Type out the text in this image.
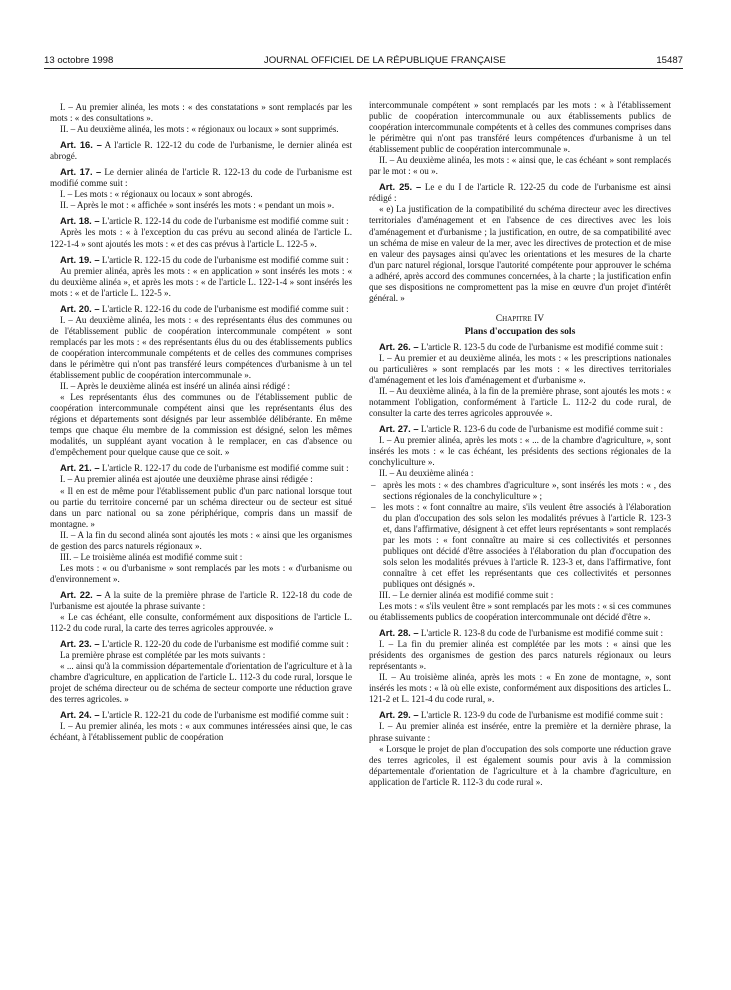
13 octobre 1998	JOURNAL OFFICIEL DE LA RÉPUBLIQUE FRANÇAISE	15487

I. – Au premier alinéa, les mots : « des constatations » sont remplacés par les mots : « des consultations ».

II. – Au deuxième alinéa, les mots : « régionaux ou locaux » sont supprimés.

Art. 16. – A l'article R. 122-12 du code de l'urbanisme, le dernier alinéa est abrogé.

Art. 17. – Le dernier alinéa de l'article R. 122-13 du code de l'urbanisme est modifié comme suit :

I. – Les mots : « régionaux ou locaux » sont abrogés.

II. – Après le mot : « affichée » sont insérés les mots : « pendant un mois ».

Art. 18. – L'article R. 122-14 du code de l'urbanisme est modifié comme suit :

Après les mots : « à l'exception du cas prévu au second alinéa de l'article L. 122-1-4 » sont ajoutés les mots : « et des cas prévus à l'article L. 122-5 ».

Art. 19. – L'article R. 122-15 du code de l'urbanisme est modifié comme suit :

Au premier alinéa, après les mots : « en application » sont insérés les mots : « du deuxième alinéa », et après les mots : « de l'article L. 122-1-4 » sont insérés les mots : « et de l'article L. 122-5 ».

Art. 20. – L'article R. 122-16 du code de l'urbanisme est modifié comme suit :

I. – Au deuxième alinéa, les mots : « des représentants élus des communes ou de l'établissement public de coopération intercommunale compétent » sont remplacés par les mots : « des représentants élus du ou des établissements publics de coopération intercommunale compétents et de celles des communes comprises dans le périmètre qui n'ont pas transféré leurs compétences d'urbanisme à un tel établissement public de coopération intercommunale ».

II. – Après le deuxième alinéa est inséré un alinéa ainsi rédigé :

« Les représentants élus des communes ou de l'établissement public de coopération intercommunale compétent ainsi que les représentants élus des régions et départements sont désignés par leur assemblée délibérante. En même temps que chaque élu membre de la commission est désigné, selon les mêmes modalités, un suppléant ayant vocation à le remplacer, en cas d'absence ou d'empêchement pour quelque cause que ce soit. »

Art. 21. – L'article R. 122-17 du code de l'urbanisme est modifié comme suit :

I. – Au premier alinéa est ajoutée une deuxième phrase ainsi rédigée :

« Il en est de même pour l'établissement public d'un parc national lorsque tout ou partie du territoire concerné par un schéma directeur ou de secteur est situé dans un parc national ou sa zone périphérique, compris dans un massif de montagne. »

II. – A la fin du second alinéa sont ajoutés les mots : « ainsi que les organismes de gestion des parcs naturels régionaux ».

III. – Le troisième alinéa est modifié comme suit :

Les mots : « ou d'urbanisme » sont remplacés par les mots : « d'urbanisme ou d'environnement ».

Art. 22. – A la suite de la première phrase de l'article R. 122-18 du code de l'urbanisme est ajoutée la phrase suivante :

« Le cas échéant, elle consulte, conformément aux dispositions de l'article L. 112-2 du code rural, la carte des terres agricoles approuvée. »

Art. 23. – L'article R. 122-20 du code de l'urbanisme est modifié comme suit :

La première phrase est complétée par les mots suivants :

« ... ainsi qu'à la commission départementale d'orientation de l'agriculture et à la chambre d'agriculture, en application de l'article L. 112-3 du code rural, lorsque le projet de schéma directeur ou de schéma de secteur comporte une réduction grave des terres agricoles. »

Art. 24. – L'article R. 122-21 du code de l'urbanisme est modifié comme suit :

I. – Au premier alinéa, les mots : « aux communes intéressées ainsi que, le cas échéant, à l'établissement public de coopération

intercommunale compétent » sont remplacés par les mots : « à l'établissement public de coopération intercommunale ou aux établissements publics de coopération intercommunale compétents et à celles des communes comprises dans le périmètre qui n'ont pas transféré leurs compétences d'urbanisme à un tel établissement public de coopération intercommunale ».

II. – Au deuxième alinéa, les mots : « ainsi que, le cas échéant » sont remplacés par le mot : « ou ».

Art. 25. – Le e du I de l'article R. 122-25 du code de l'urbanisme est ainsi rédigé :

« e) La justification de la compatibilité du schéma directeur avec les directives territoriales d'aménagement et en l'absence de ces directives avec les lois d'aménagement et d'urbanisme ; la justification, en outre, de sa compatibilité avec un schéma de mise en valeur de la mer, avec les directives de protection et de mise en valeur des paysages ainsi qu'avec les orientations et les mesures de la charte d'un parc naturel régional, lorsque l'autorité compétente pour approuver le schéma a adhéré, après accord des communes concernées, à la charte ; la justification enfin que ses dispositions ne compromettent pas la mise en œuvre d'un projet d'intérêt général. »

Chapitre IV
Plans d'occupation des sols

Art. 26. – L'article R. 123-5 du code de l'urbanisme est modifié comme suit :

I. – Au premier et au deuxième alinéa, les mots : « les prescriptions nationales ou particulières » sont remplacés par les mots : « les directives territoriales d'aménagement et les lois d'aménagement et d'urbanisme ».

II. – Au deuxième alinéa, à la fin de la première phrase, sont ajoutés les mots : « notamment l'obligation, conformément à l'article L. 112-2 du code rural, de consulter la carte des terres agricoles approuvée ».

Art. 27. – L'article R. 123-6 du code de l'urbanisme est modifié comme suit :

I. – Au premier alinéa, après les mots : « ... de la chambre d'agriculture, », sont insérés les mots : « le cas échéant, les présidents des sections régionales de la conchyliculture ».

II. – Au deuxième alinéa :

– après les mots : « des chambres d'agriculture », sont insérés les mots : « , des sections régionales de la conchyliculture » ;

– les mots : « font connaître au maire, s'ils veulent être associés à l'élaboration du plan d'occupation des sols selon les modalités prévues à l'article R. 123-3 et, dans l'affirmative, désignent à cet effet leurs représentants » sont remplacés par les mots : « font connaître au maire si ces collectivités et personnes publiques ont décidé d'être associées à l'élaboration du plan d'occupation des sols selon les modalités prévues à l'article R. 123-3 et, dans l'affirmative, font connaître à cet effet les représentants que ces collectivités et personnes publiques ont désignés ».

III. – Le dernier alinéa est modifié comme suit :

Les mots : « s'ils veulent être » sont remplacés par les mots : « si ces communes ou établissements publics de coopération intercommunale ont décidé d'être ».

Art. 28. – L'article R. 123-8 du code de l'urbanisme est modifié comme suit :

I. – La fin du premier alinéa est complétée par les mots : « ainsi que les présidents des organismes de gestion des parcs naturels régionaux ou leurs représentants ».

II. – Au troisième alinéa, après les mots : « En zone de montagne, », sont insérés les mots : « là où elle existe, conformément aux dispositions des articles L. 121-2 et L. 121-4 du code rural, ».

Art. 29. – L'article R. 123-9 du code de l'urbanisme est modifié comme suit :

I. – Au premier alinéa est insérée, entre la première et la dernière phrase, la phrase suivante :

« Lorsque le projet de plan d'occupation des sols comporte une réduction grave des terres agricoles, il est également soumis pour avis à la commission départementale d'orientation de l'agriculture et à la chambre d'agriculture, en application de l'article R. 112-3 du code rural ».
